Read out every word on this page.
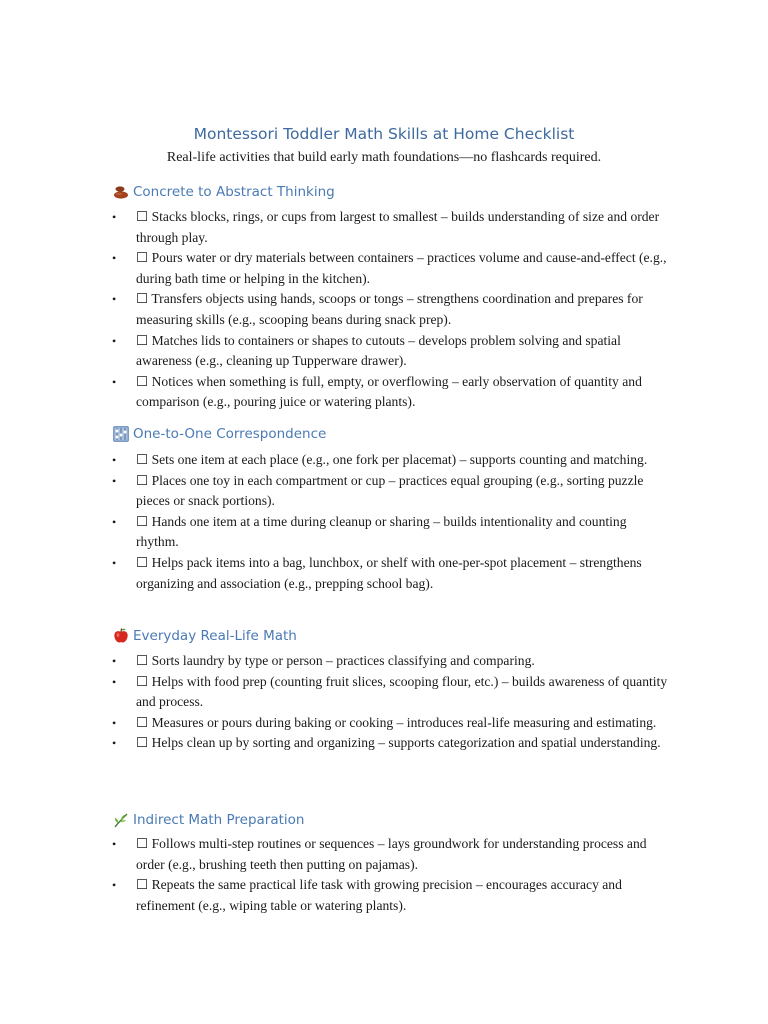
Montessori Toddler Math Skills at Home Checklist
Real-life activities that build early math foundations—no flashcards required.
Concrete to Abstract Thinking
• ☐ Stacks blocks, rings, or cups from largest to smallest – builds understanding of size and order through play.
• ☐ Pours water or dry materials between containers – practices volume and cause-and-effect (e.g., during bath time or helping in the kitchen).
• ☐ Transfers objects using hands, scoops or tongs – strengthens coordination and prepares for measuring skills (e.g., scooping beans during snack prep).
• ☐ Matches lids to containers or shapes to cutouts – develops problem solving and spatial awareness (e.g., cleaning up Tupperware drawer).
• ☐ Notices when something is full, empty, or overflowing – early observation of quantity and comparison (e.g., pouring juice or watering plants).
One-to-One Correspondence
• ☐ Sets one item at each place (e.g., one fork per placemat) – supports counting and matching.
• ☐ Places one toy in each compartment or cup – practices equal grouping (e.g., sorting puzzle pieces or snack portions).
• ☐ Hands one item at a time during cleanup or sharing – builds intentionality and counting rhythm.
• ☐ Helps pack items into a bag, lunchbox, or shelf with one-per-spot placement – strengthens organizing and association (e.g., prepping school bag).
Everyday Real-Life Math
• ☐ Sorts laundry by type or person – practices classifying and comparing.
• ☐ Helps with food prep (counting fruit slices, scooping flour, etc.) – builds awareness of quantity and process.
• ☐ Measures or pours during baking or cooking – introduces real-life measuring and estimating.
• ☐ Helps clean up by sorting and organizing – supports categorization and spatial understanding.
Indirect Math Preparation
• ☐ Follows multi-step routines or sequences – lays groundwork for understanding process and order (e.g., brushing teeth then putting on pajamas).
• ☐ Repeats the same practical life task with growing precision – encourages accuracy and refinement (e.g., wiping table or watering plants).
